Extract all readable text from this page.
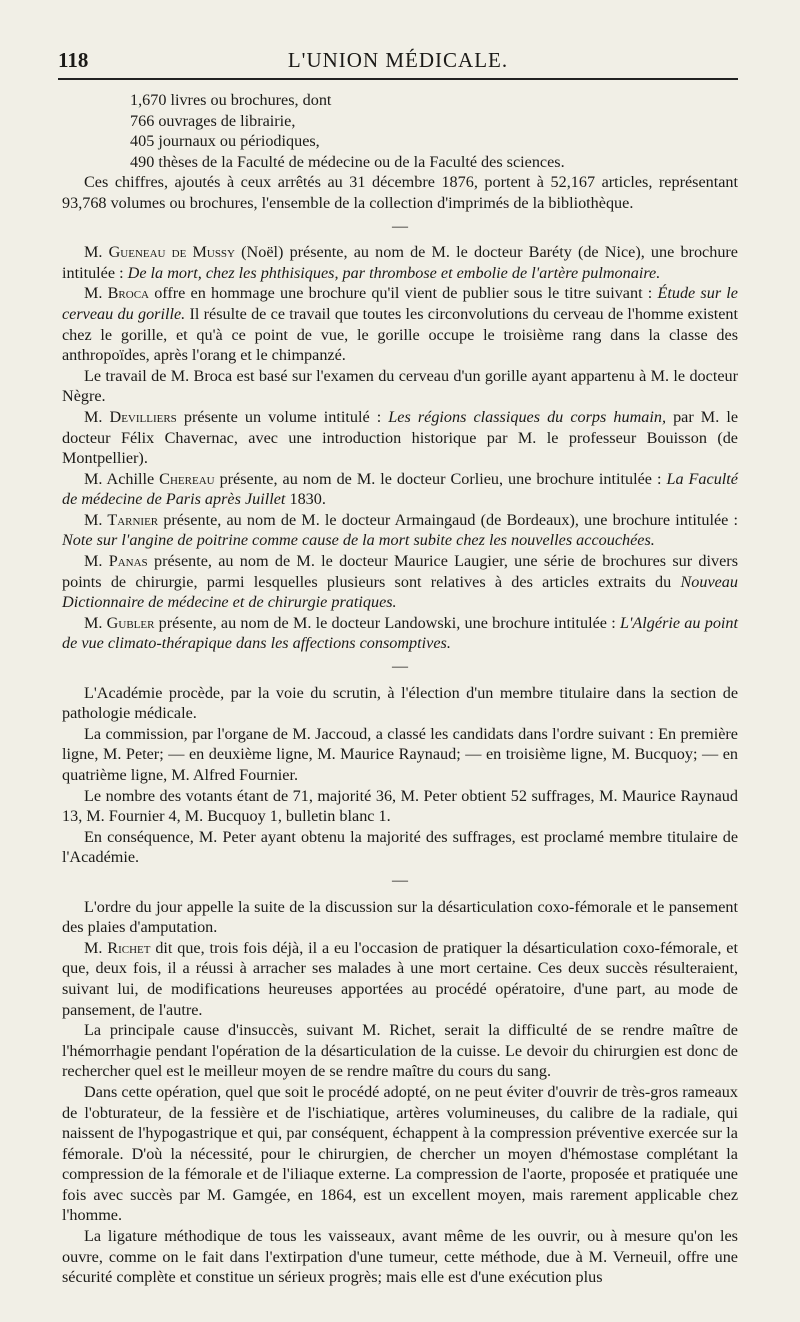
118	L'UNION MÉDICALE.

1,670 livres ou brochures, dont

766 ouvrages de librairie,

405 journaux ou périodiques,

490 thèses de la Faculté de médecine ou de la Faculté des sciences.

Ces chiffres, ajoutés à ceux arrêtés au 31 décembre 1876, portent à 52,167 articles, représentant 93,768 volumes ou brochures, l'ensemble de la collection d'imprimés de la bibliothèque.

—

M. Gueneau de Mussy (Noël) présente, au nom de M. le docteur Baréty (de Nice), une brochure intitulée : De la mort, chez les phthisiques, par thrombose et embolie de l'artère pulmonaire.

M. Broca offre en hommage une brochure qu'il vient de publier sous le titre suivant : Étude sur le cerveau du gorille. Il résulte de ce travail que toutes les circonvolutions du cerveau de l'homme existent chez le gorille, et qu'à ce point de vue, le gorille occupe le troisième rang dans la classe des anthropoïdes, après l'orang et le chimpanzé.

Le travail de M. Broca est basé sur l'examen du cerveau d'un gorille ayant appartenu à M. le docteur Nègre.

M. Devilliers présente un volume intitulé : Les régions classiques du corps humain, par M. le docteur Félix Chavernac, avec une introduction historique par M. le professeur Bouisson (de Montpellier).

M. Achille Chereau présente, au nom de M. le docteur Corlieu, une brochure intitulée : La Faculté de médecine de Paris après Juillet 1830.

M. Tarnier présente, au nom de M. le docteur Armaingaud (de Bordeaux), une brochure intitulée : Note sur l'angine de poitrine comme cause de la mort subite chez les nouvelles accouchées.

M. Panas présente, au nom de M. le docteur Maurice Laugier, une série de brochures sur divers points de chirurgie, parmi lesquelles plusieurs sont relatives à des articles extraits du Nouveau Dictionnaire de médecine et de chirurgie pratiques.

M. Gubler présente, au nom de M. le docteur Landowski, une brochure intitulée : L'Algérie au point de vue climato-thérapique dans les affections consomptives.

—

L'Académie procède, par la voie du scrutin, à l'élection d'un membre titulaire dans la section de pathologie médicale.

La commission, par l'organe de M. Jaccoud, a classé les candidats dans l'ordre suivant : En première ligne, M. Peter; — en deuxième ligne, M. Maurice Raynaud; — en troisième ligne, M. Bucquoy; — en quatrième ligne, M. Alfred Fournier.

Le nombre des votants étant de 71, majorité 36, M. Peter obtient 52 suffrages, M. Maurice Raynaud 13, M. Fournier 4, M. Bucquoy 1, bulletin blanc 1.

En conséquence, M. Peter ayant obtenu la majorité des suffrages, est proclamé membre titulaire de l'Académie.

—

L'ordre du jour appelle la suite de la discussion sur la désarticulation coxo-fémorale et le pansement des plaies d'amputation.

M. Richet dit que, trois fois déjà, il a eu l'occasion de pratiquer la désarticulation coxo-fémorale, et que, deux fois, il a réussi à arracher ses malades à une mort certaine. Ces deux succès résulteraient, suivant lui, de modifications heureuses apportées au procédé opératoire, d'une part, au mode de pansement, de l'autre.

La principale cause d'insuccès, suivant M. Richet, serait la difficulté de se rendre maître de l'hémorrhagie pendant l'opération de la désarticulation de la cuisse. Le devoir du chirurgien est donc de rechercher quel est le meilleur moyen de se rendre maître du cours du sang.

Dans cette opération, quel que soit le procédé adopté, on ne peut éviter d'ouvrir de très-gros rameaux de l'obturateur, de la fessière et de l'ischiatique, artères volumineuses, du calibre de la radiale, qui naissent de l'hypogastrique et qui, par conséquent, échappent à la compression préventive exercée sur la fémorale. D'où la nécessité, pour le chirurgien, de chercher un moyen d'hémostase complétant la compression de la fémorale et de l'iliaque externe. La compression de l'aorte, proposée et pratiquée une fois avec succès par M. Gamgée, en 1864, est un excellent moyen, mais rarement applicable chez l'homme.

La ligature méthodique de tous les vaisseaux, avant même de les ouvrir, ou à mesure qu'on les ouvre, comme on le fait dans l'extirpation d'une tumeur, cette méthode, due à M. Verneuil, offre une sécurité complète et constitue un sérieux progrès; mais elle est d'une exécution plus
